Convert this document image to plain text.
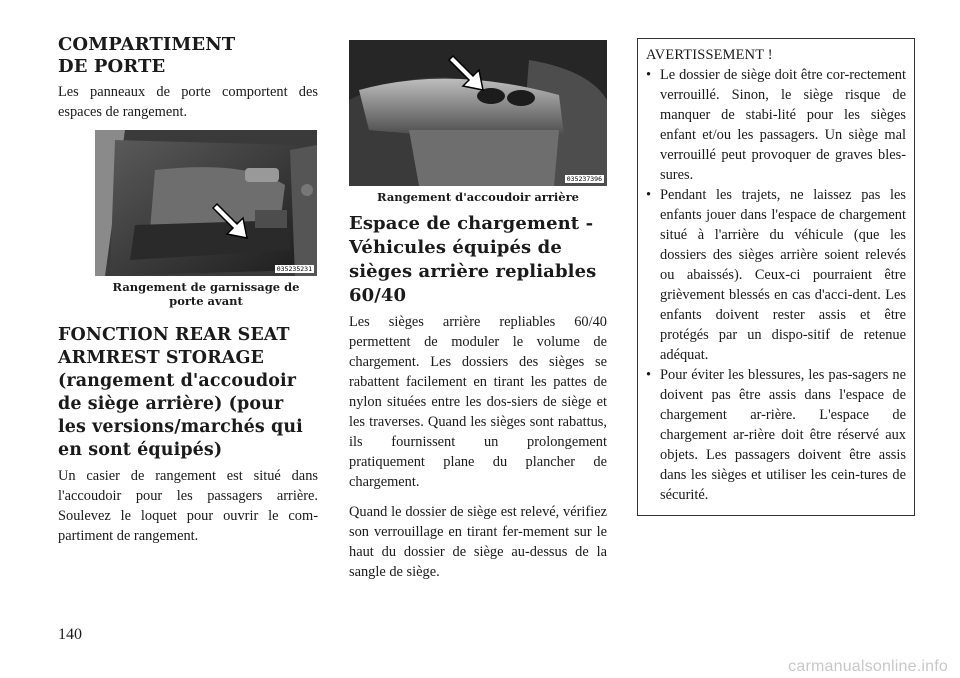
COMPARTIMENT DE PORTE

Les panneaux de porte comportent des espaces de rangement.

035235231
Rangement de garnissage de porte avant
FONCTION REAR SEAT ARMREST STORAGE (rangement d'accoudoir de siège arrière) (pour les versions/marchés qui en sont équipés)

Un casier de rangement est situé dans l'accoudoir pour les passagers arrière. Soulevez le loquet pour ouvrir le com-partiment de rangement.

035237396
Rangement d'accoudoir arrière
Espace de chargement - Véhicules équipés de sièges arrière repliables 60/40

Les sièges arrière repliables 60/40 permettent de moduler le volume de chargement. Les dossiers des sièges se rabattent facilement en tirant les pattes de nylon situées entre les dos-siers de siège et les traverses. Quand les sièges sont rabattus, ils fournissent un prolongement pratiquement plane du plancher de chargement.

Quand le dossier de siège est relevé, vérifiez son verrouillage en tirant fer-mement sur le haut du dossier de siège au-dessus de la sangle de siège.

AVERTISSEMENT !
• Le dossier de siège doit être cor-rectement verrouillé. Sinon, le siège risque de manquer de stabi-lité pour les sièges enfant et/ou les passagers. Un siège mal verrouillé peut provoquer de graves bles-sures.
• Pendant les trajets, ne laissez pas les enfants jouer dans l'espace de chargement situé à l'arrière du véhicule (que les dossiers des sièges arrière soient relevés ou abaissés). Ceux-ci pourraient être grièvement blessés en cas d'acci-dent. Les enfants doivent rester assis et être protégés par un dispo-sitif de retenue adéquat.
• Pour éviter les blessures, les pas-sagers ne doivent pas être assis dans l'espace de chargement ar-rière. L'espace de chargement ar-rière doit être réservé aux objets. Les passagers doivent être assis dans les sièges et utiliser les cein-tures de sécurité.
140
carmanualsonline.info
